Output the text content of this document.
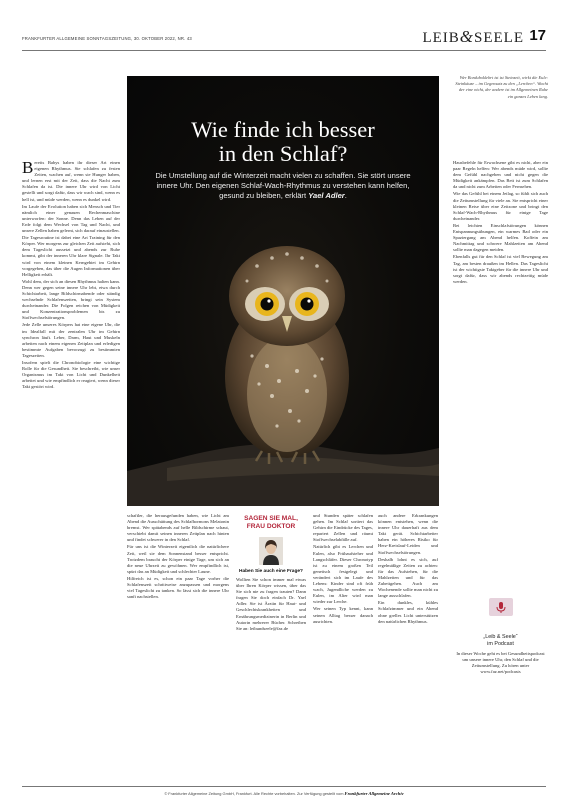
FRANKFURTER ALLGEMEINE SONNTAGSZEITUNG, 30. OKTOBER 2022, NR. 43	LEIB&SEELE 17
Wer Borduboklebrt ist ist Steinzeit, wirkt die Eule: Steinkäuze – im Gegensatz zu den „Lerchen“. Wacht der eine nicht, der andere ist im Allgemeinen Ruhe ein ganzes Leben lang.
Wie finde ich besser
in den Schlaf?
Die Umstellung auf die Winterzeit macht vielen zu schaffen. Sie stört unsere innere Uhr. Den eigenen Schlaf-Wach-Rhythmus zu verstehen kann helfen, gesund zu bleiben, erklärt Yael Adler.

Bereits Babys haben ihr dieser Art einen eigenen Rhythmus. Sie schlafen zu festen Zeiten, wachen auf, wenn sie Hunger haben, und lernen erst mit der Zeit, dass die Nacht zum Schlafen da ist. Die innere Uhr wird von Licht gestellt und sorgt dafür, dass wir wach sind, wenn es hell ist, und müde werden, wenn es dunkel wird.

Im Laufe der Evolution haben sich Mensch und Tier nämlich einer genauen Rechenmaschine unterworfen: der Sonne. Denn das Leben auf der Erde folgt dem Wechsel von Tag und Nacht, und unsere Zellen haben gelernt, sich darauf einzustellen.

Die Tagesroutine ist dabei eine Art Training für den Körper. Wer morgens zur gleichen Zeit aufsteht, sich dem Tageslicht aussetzt und abends zur Ruhe kommt, gibt der inneren Uhr klare Signale. Ihr Takt wird von einem kleinen Kerngebiet im Gehirn vorgegeben, das über die Augen Informationen über Helligkeit erhält.

Wohl dem, der sich an diesen Rhythmus halten kann. Denn wer gegen seine innere Uhr lebt, etwa durch Schichtarbeit, lange Bildschirmabende oder ständig wechselnde Schlafenszeiten, bringt sein System durcheinander. Die Folgen reichen von Müdigkeit und Konzentrationsproblemen bis zu Stoffwechselstörungen.

Jede Zelle unseres Körpers hat eine eigene Uhr, die im Idealfall mit der zentralen Uhr im Gehirn synchron läuft. Leber, Darm, Haut und Muskeln arbeiten nach einem eigenen Zeitplan und erledigen bestimmte Aufgaben bevorzugt zu bestimmten Tageszeiten.

Insofern spielt die Chronobiologie eine wichtige Rolle für die Gesundheit. Sie beschreibt, wie unser Organismus im Takt von Licht und Dunkelheit arbeitet und wie empfindlich er reagiert, wenn dieser Takt gestört wird.

schaftler, die herausgefunden haben, wie Licht am Abend die Ausschüttung des Schlafhormons Melatonin bremst. Wer spätabends auf helle Bildschirme schaut, verschiebt damit seinen inneren Zeitplan nach hinten und findet schwerer in den Schlaf.

Für uns ist die Winterzeit eigentlich die natürlichere Zeit, weil sie dem Sonnenstand besser entspricht. Trotzdem braucht der Körper einige Tage, um sich an die neue Uhrzeit zu gewöhnen. Wer empfindlich ist, spürt das an Müdigkeit und schlechter Laune.

Hilfreich ist es, schon ein paar Tage vorher die Schlafenszeit schrittweise anzupassen und morgens viel Tageslicht zu tanken. So lässt sich die innere Uhr sanft nachstellen.

SAGEN SIE MAL,
FRAU DOKTOR
Haben Sie auch eine Frage?
Wollten Sie schon immer mal etwas über Ihren Körper wissen, über das Sie sich nie zu fragen trauten? Dann fragen Sie doch einfach Dr. Yael Adler. Sie ist Ärztin für Haut- und Geschlechtskrankheiten und Ernährungsmedizinerin in Berlin und Autorin mehrerer Bücher. Schreiben Sie an: leibundseele@faz.de

und Stunden später schlafen gehen. Im Schlaf sortiert das Gehirn die Eindrücke des Tages, repariert Zellen und räumt Stoffwechselabfälle auf.

Natürlich gibt es Lerchen und Eulen, also Frühaufsteher und Langschläfer. Dieser Chronotyp ist zu einem großen Teil genetisch festgelegt und verändert sich im Laufe des Lebens: Kinder sind oft früh wach, Jugendliche werden zu Eulen, im Alter wird man wieder zur Lerche.

Wer seinen Typ kennt, kann seinen Alltag besser danach ausrichten.

auch andere Erkrankungen können entstehen, wenn die innere Uhr dauerhaft aus dem Takt gerät. Schichtarbeiter haben ein höheres Risiko für Herz-Kreislauf-Leiden und Stoffwechselstörungen.

Deshalb lohnt es sich, auf regelmäßige Zeiten zu achten: für das Aufstehen, für die Mahlzeiten und für das Zubettgehen. Auch am Wochenende sollte man nicht zu lange ausschlafen.

Ein dunkles, kühles Schlafzimmer und ein Abend ohne grelles Licht unterstützen den natürlichen Rhythmus.

Hausbefehle für Erwachsene gibt es nicht, aber ein paar Regeln helfen: Wer abends müde wird, sollte dem Gefühl nachgeben und nicht gegen die Müdigkeit ankämpfen. Das Bett ist zum Schlafen da und nicht zum Arbeiten oder Fernsehen.

Wie das Gefühl bei einem Jetlag, so fühlt sich auch die Zeitumstellung für viele an. Sie entspricht einer kleinen Reise über eine Zeitzone und bringt den Schlaf-Wach-Rhythmus für einige Tage durcheinander.

Bei leichten Einschlafstörungen können Entspannungsübungen, ein warmes Bad oder ein Spaziergang am Abend helfen. Koffein am Nachmittag und schwere Mahlzeiten am Abend sollte man dagegen meiden.

Ebenfalls gut für den Schlaf ist viel Bewegung am Tag, am besten draußen im Hellen. Das Tageslicht ist der wichtigste Taktgeber für die innere Uhr und sorgt dafür, dass wir abends rechtzeitig müde werden.

„Leib & Seele“
im Podcast
In dieser Woche geht es bei Gesundheitspodcast um unsere innere Uhr, den Schlaf und die Zeitumstellung. Zu hören unter www.faz.net/podcasts
© Frankfurter Allgemeine Zeitung GmbH, Frankfurt. Alle Rechte vorbehalten. Zur Verfügung gestellt vom Frankfurter Allgemeine Archiv
